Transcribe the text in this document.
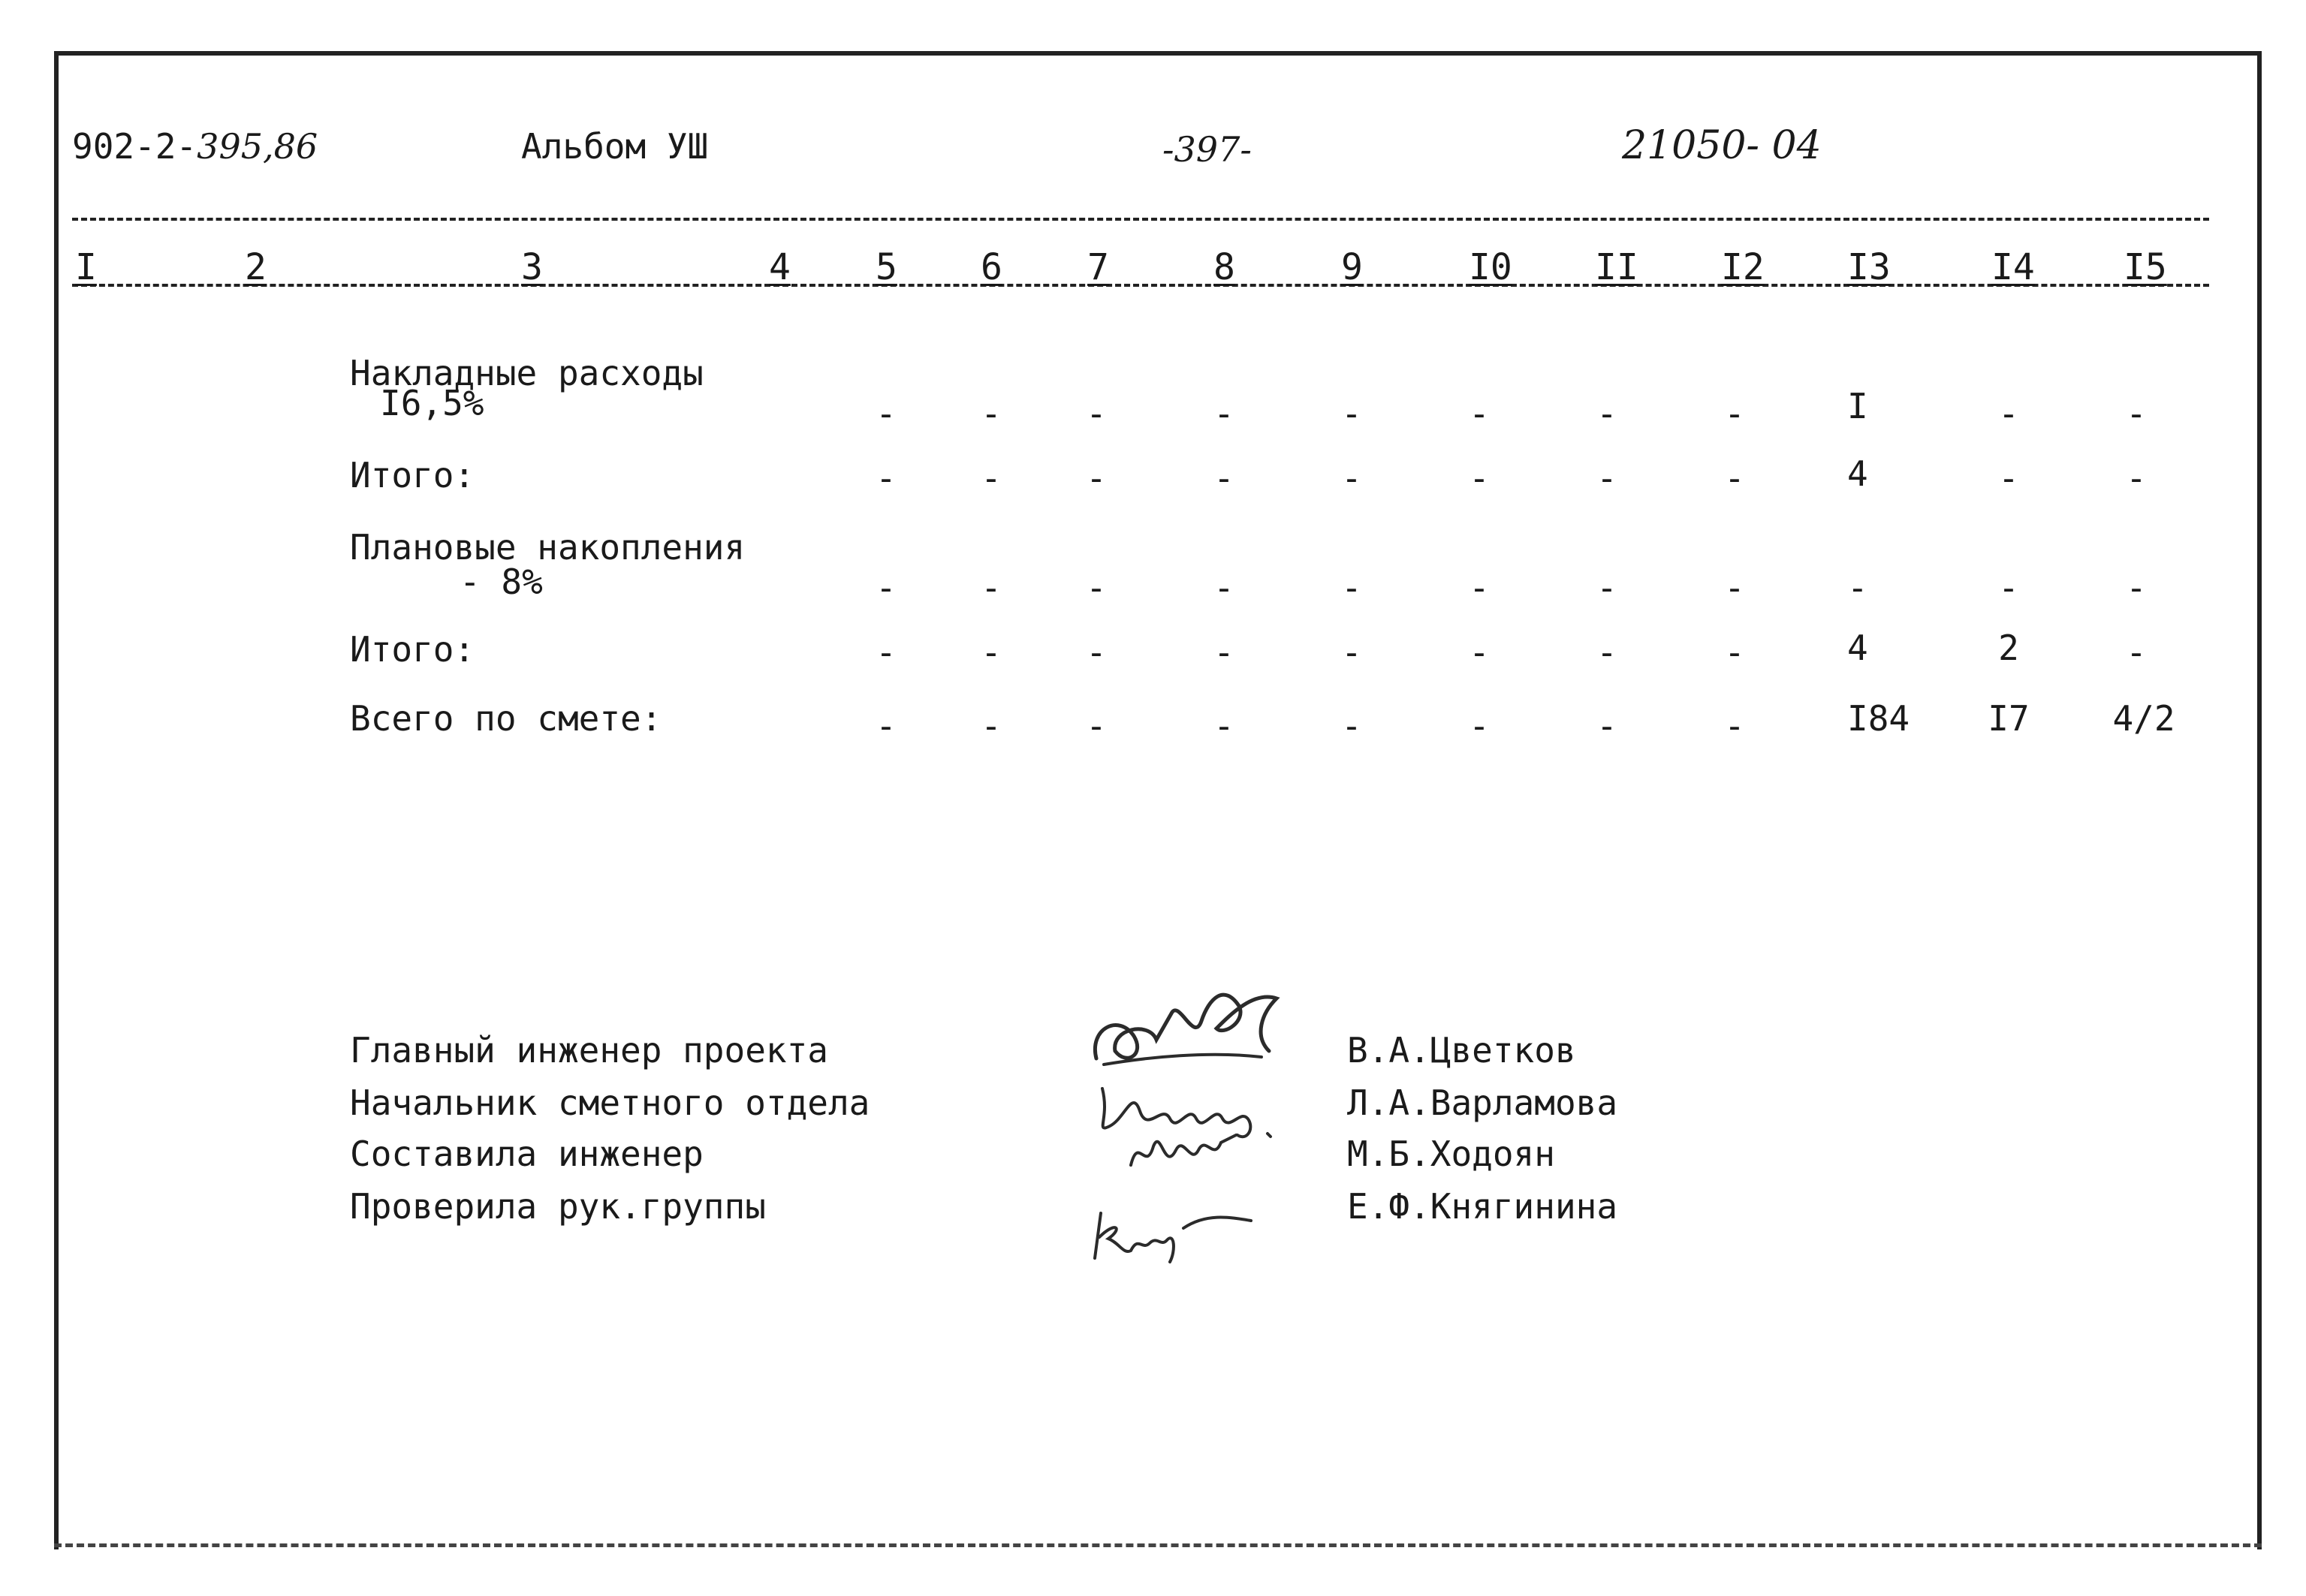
902-2-395,86	Альбом УШ	-397-	21050- 04
I	2	3	4 5 6 7	8	9	I0 II I2 I3	I4 I5
Накладные расходы
I6,5%	-	-	-	-	-	-	-	-	I	-	-
Итого:	-	-	-	-	-	-	-	-	4	-	-
Плановые накопления
- 8%	-	-	-	-	-	-	-	-	-	-	-
Итого:	-	-	-	-	-	-	-	-	4	2	-
Всего по смете:	-	-	-	-	-	-	-	-	I84	I7	4/2
Главный инженер проекта
Начальник сметного отдела
Составила инженер
Проверила рук.группы
В.А.Цветков
Л.А.Варламова
М.Б.Ходоян
Е.Ф.Княгинина
